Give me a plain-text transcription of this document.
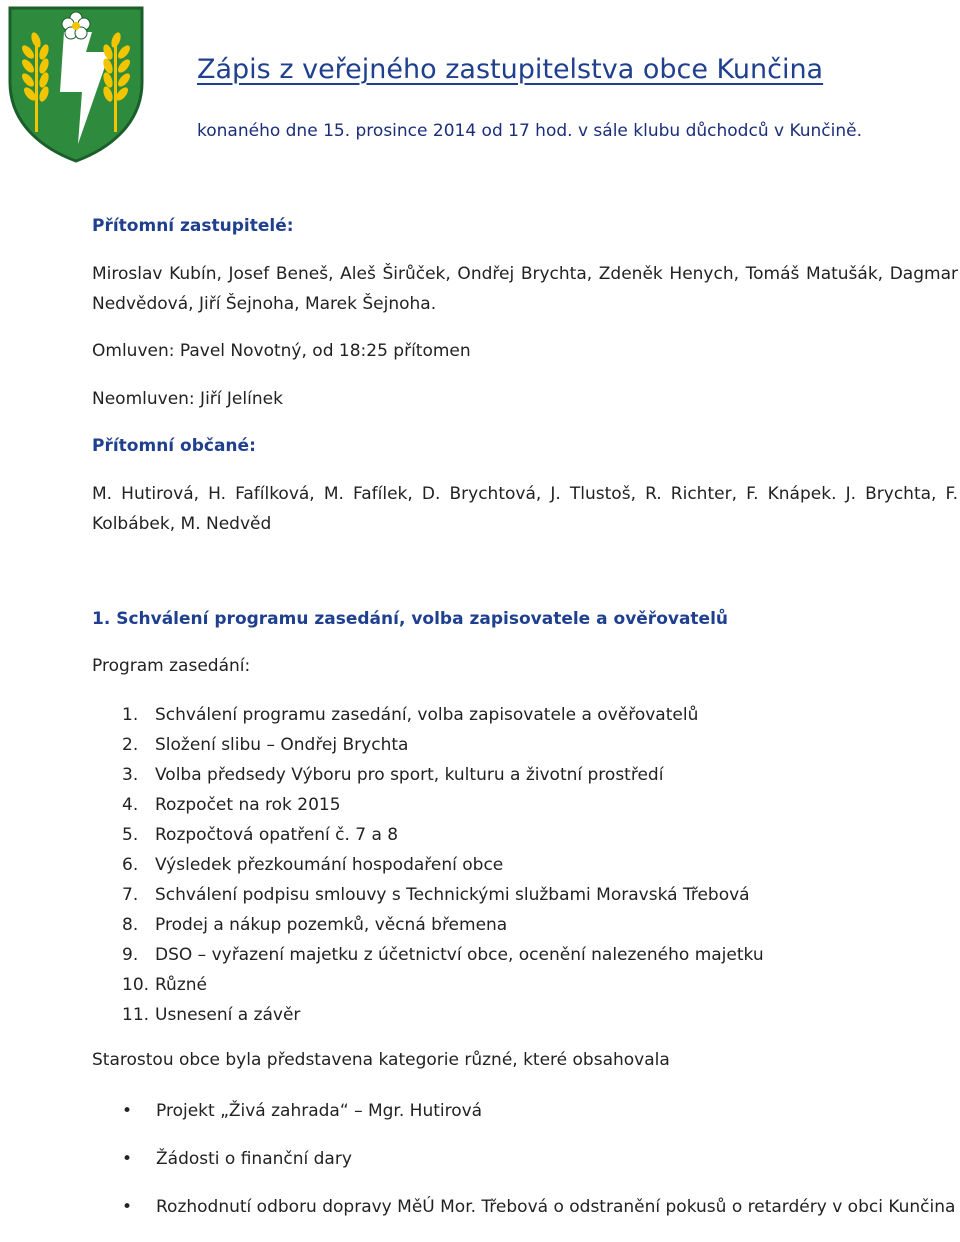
Zápis z veřejného zastupitelstva obce Kunčina
konaného dne 15. prosince 2014 od 17 hod. v sále klubu důchodců v Kunčině.
Přítomní zastupitelé:

Miroslav Kubín, Josef Beneš, Aleš Širůček, Ondřej Brychta, Zdeněk Henych, Tomáš Matušák, Dagmar Nedvědová, Jiří Šejnoha, Marek Šejnoha.

Omluven: Pavel Novotný, od 18:25 přítomen
Neomluven: Jiří Jelínek
Přítomní občané:

M. Hutirová, H. Fafílková, M. Fafílek, D. Brychtová, J. Tlustoš, R. Richter, F. Knápek. J. Brychta, F. Kolbábek, M. Nedvěd

1. Schválení programu zasedání, volba zapisovatele a ověřovatelů
Program zasedání:
1. Schválení programu zasedání, volba zapisovatele a ověřovatelů
2. Složení slibu – Ondřej Brychta
3. Volba předsedy Výboru pro sport, kulturu a životní prostředí
4. Rozpočet na rok 2015
5. Rozpočtová opatření č. 7 a 8
6. Výsledek přezkoumání hospodaření obce
7. Schválení podpisu smlouvy s Technickými službami Moravská Třebová
8. Prodej a nákup pozemků, věcná břemena
9. DSO – vyřazení majetku z účetnictví obce, ocenění nalezeného majetku
10. Různé
11. Usnesení a závěr
Starostou obce byla představena kategorie různé, které obsahovala
• Projekt „Živá zahrada“ – Mgr. Hutirová
• Žádosti o finanční dary
• Rozhodnutí odboru dopravy MěÚ Mor. Třebová o odstranění pokusů o retardéry v obci Kunčina
